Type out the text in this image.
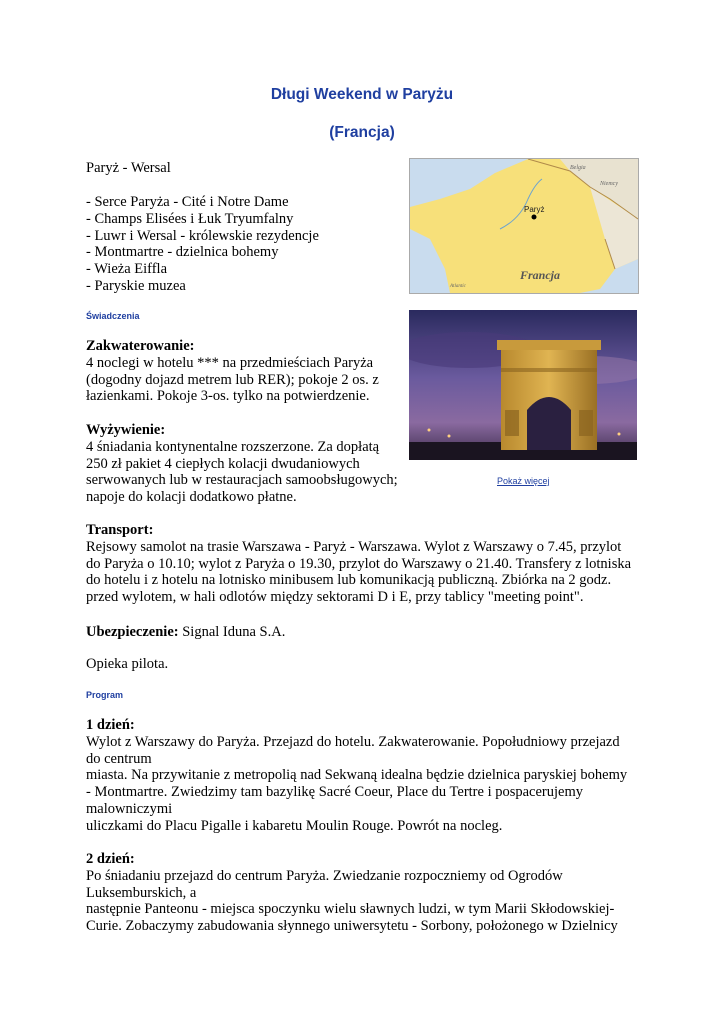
Długi Weekend w Paryżu
(Francja)
Paryż - Wersal
- Serce Paryża - Cité i Notre Dame
- Champs Elisées i Łuk Tryumfalny
- Luwr i Wersal - królewskie rezydencje
- Montmartre - dzielnica bohemy
- Wieża Eiffla
- Paryskie muzea
Świadczenia
Zakwaterowanie:
4 noclegi w hotelu *** na przedmieściach Paryża
(dogodny dojazd metrem lub RER); pokoje 2 os. z
łazienkami. Pokoje 3-os. tylko na potwierdzenie.
Wyżywienie:
4 śniadania kontynentalne rozszerzone. Za dopłatą
250 zł pakiet 4 ciepłych kolacji dwudaniowych
serwowanych lub w restauracjach samoobsługowych;
napoje do kolacji dodatkowo płatne.
Transport:
Rejsowy samolot na trasie Warszawa - Paryż - Warszawa. Wylot z Warszawy o 7.45, przylot
do Paryża o 10.10; wylot z Paryża o 19.30, przylot do Warszawy o 21.40. Transfery z lotniska
do hotelu i z hotelu na lotnisko minibusem lub komunikacją publiczną. Zbiórka na 2 godz.
przed wylotem, w hali odlotów między sektorami D i E, przy tablicy "meeting point".
Ubezpieczenie: Signal Iduna S.A.
Opieka pilota.
Program
1 dzień:
Wylot z Warszawy do Paryża. Przejazd do hotelu. Zakwaterowanie. Popołudniowy przejazd
do centrum
miasta. Na przywitanie z metropolią nad Sekwaną idealna będzie dzielnica paryskiej bohemy
- Montmartre. Zwiedzimy tam bazylikę Sacré Coeur, Place du Tertre i pospacerujemy
malowniczymi
uliczkami do Placu Pigalle i kabaretu Moulin Rouge. Powrót na nocleg.
2 dzień:
Po śniadaniu przejazd do centrum Paryża. Zwiedzanie rozpoczniemy od Ogrodów
Luksemburskich, a
następnie Panteonu - miejsca spoczynku wielu sławnych ludzi, w tym Marii Skłodowskiej-
Curie. Zobaczymy zabudowania słynnego uniwersytetu - Sorbony, położonego w Dzielnicy
Paryż
Francja
Belgia
Niemcy
Atlantic
Pokaż więcej
